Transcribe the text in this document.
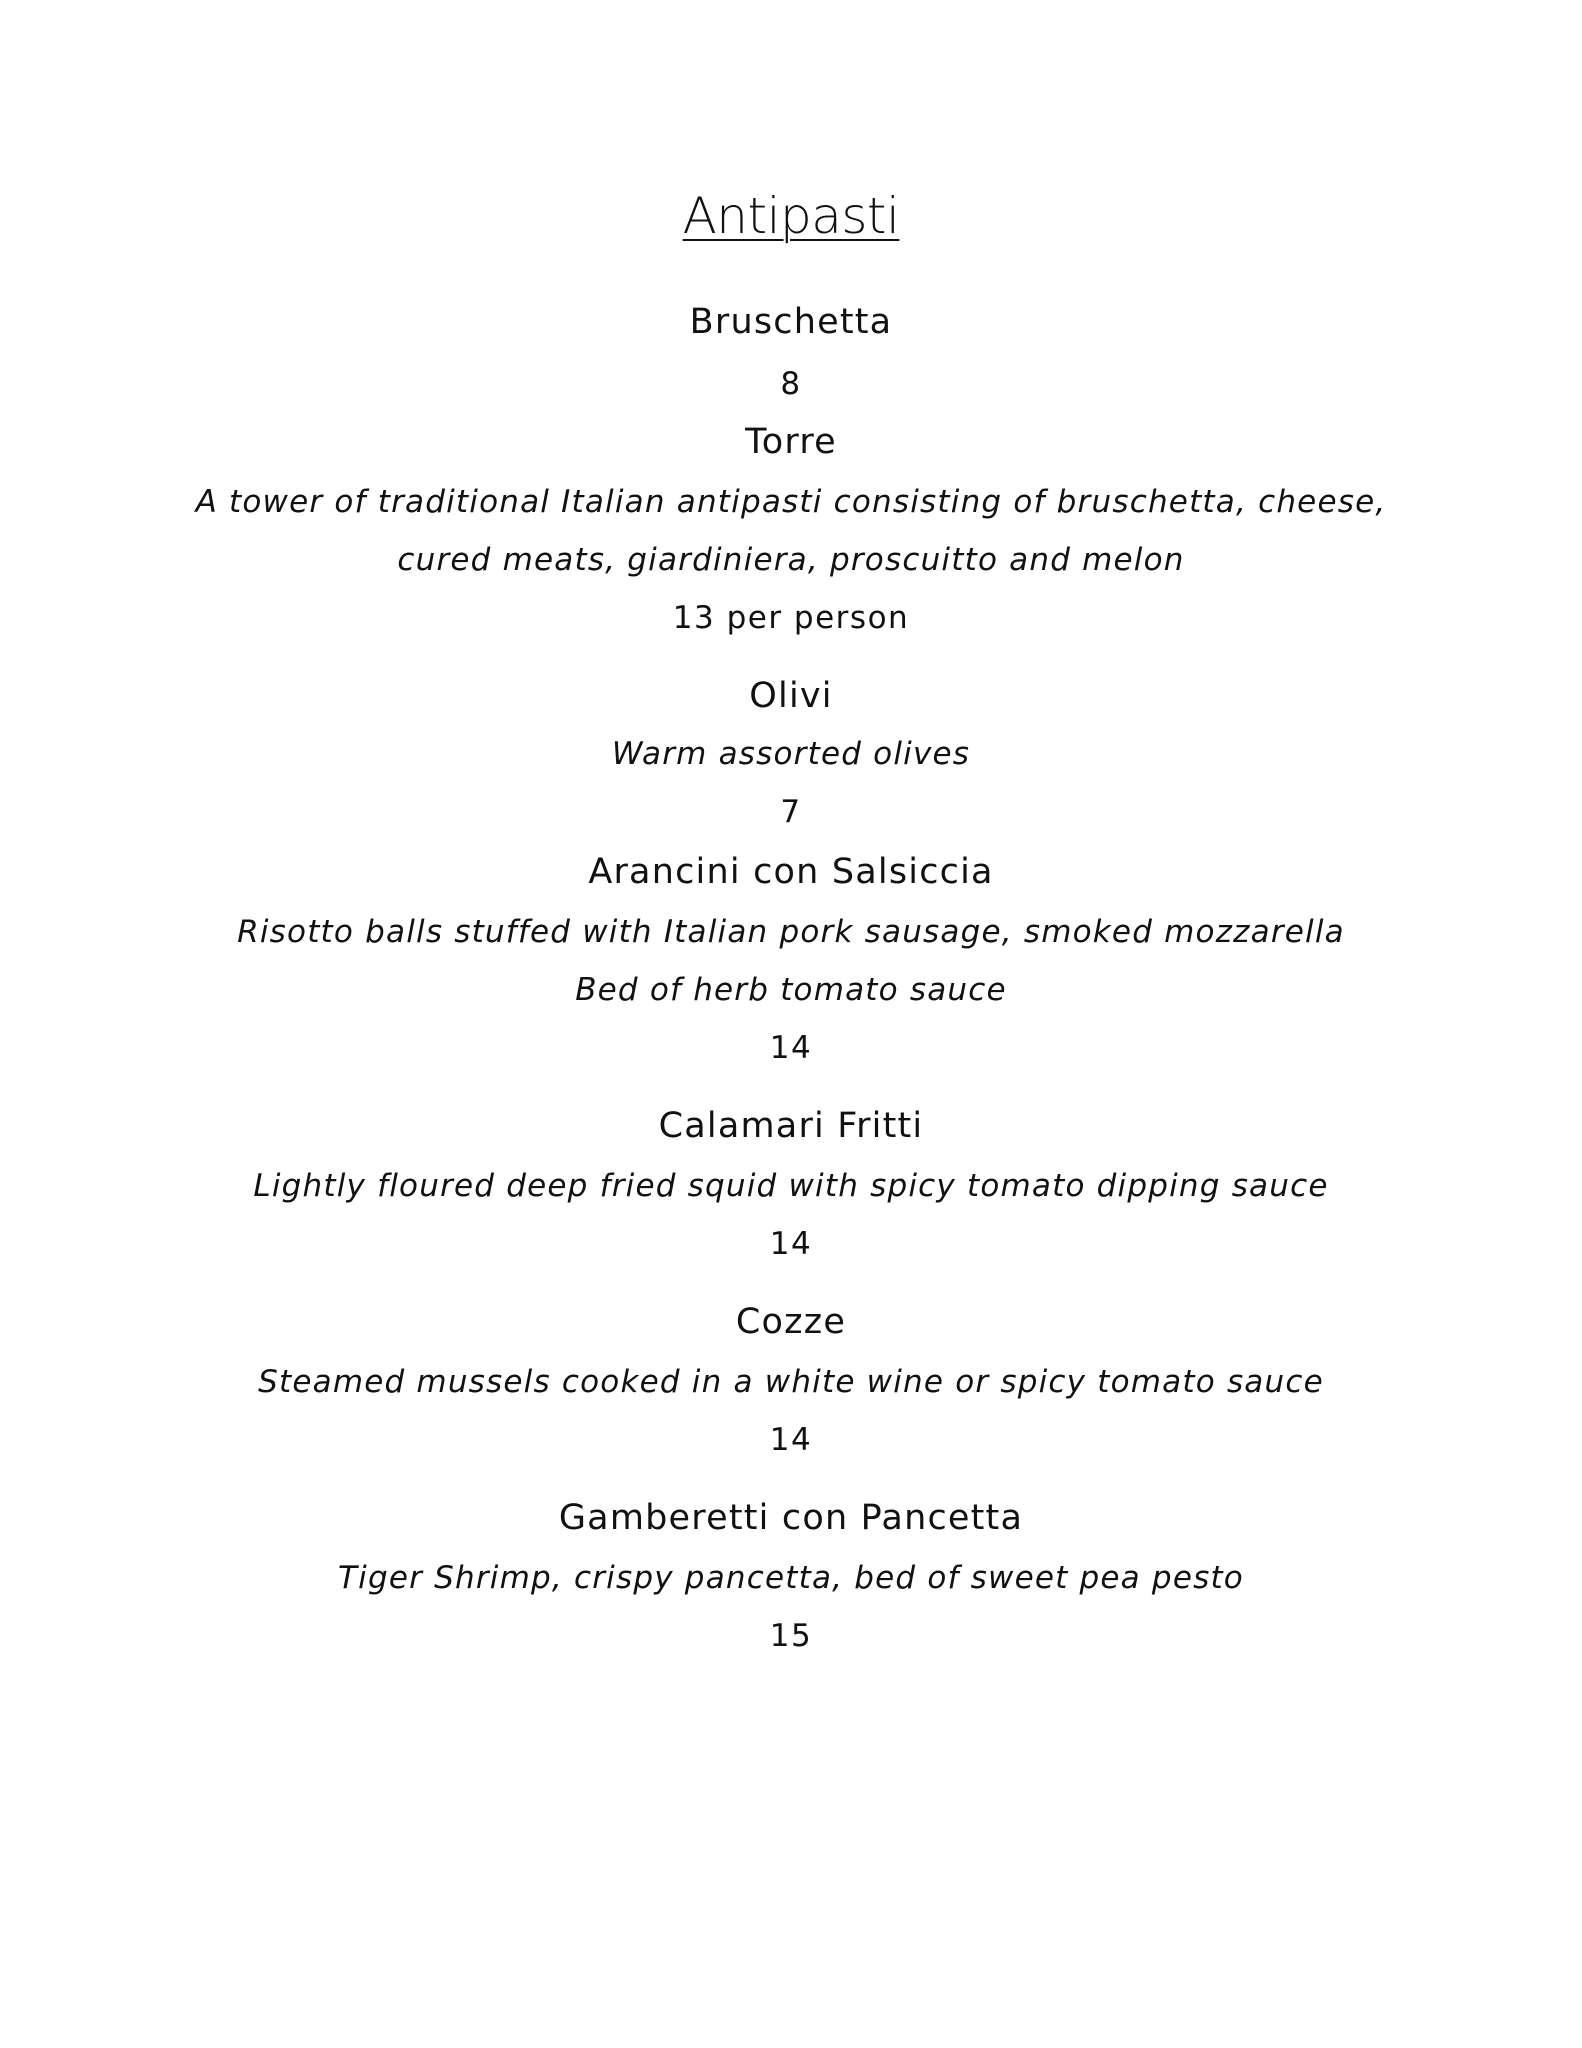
Antipasti

Bruschetta

8

Torre

A tower of traditional Italian antipasti consisting of bruschetta, cheese,

cured meats, giardiniera, proscuitto and melon

13 per person

Olivi

Warm assorted olives

7

Arancini con Salsiccia

Risotto balls stuffed with Italian pork sausage, smoked mozzarella

Bed of herb tomato sauce

14

Calamari Fritti

Lightly floured deep fried squid with spicy tomato dipping sauce

14

Cozze

Steamed mussels cooked in a white wine or spicy tomato sauce

14

Gamberetti con Pancetta

Tiger Shrimp, crispy pancetta, bed of sweet pea pesto

15
